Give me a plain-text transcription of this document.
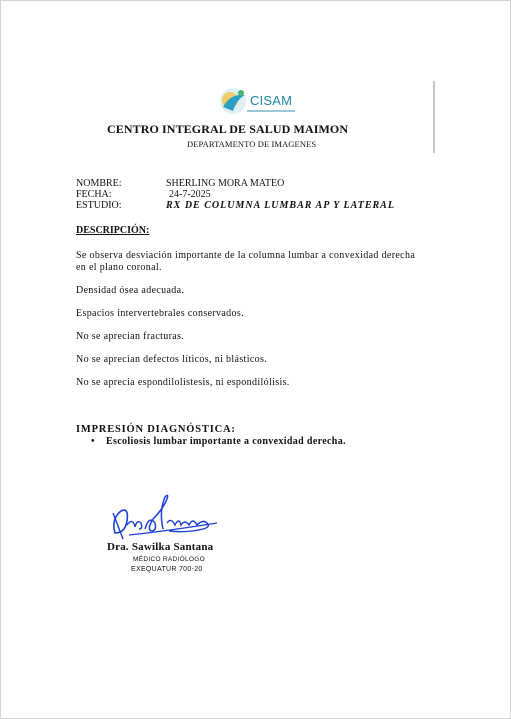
CISAM
CENTRO INTEGRAL DE SALUD MAIMON
DEPARTAMENTO DE IMAGENES
NOMBRE:	SHERLING MORA MATEO
FECHA:	24-7-2025
ESTUDIO:	RX DE COLUMNA LUMBAR AP Y LATERAL
DESCRIPCIÓN:
Se observa desviación importante de la columna lumbar a convexidad derecha en el plano coronal.
Densidad ósea adecuada.
Espacios intervertebrales conservados.
No se aprecian fracturas.
No se aprecian defectos líticos, ni blásticos.
No se aprecia espondilolistesis, ni espondilólisis.
IMPRESIÓN DIAGNÓSTICA:
• Escoliosis lumbar importante a convexidad derecha.
Dra. Sawilka Santana
MÉDICO RADIÓLOGO
EXEQUATUR 700-20
